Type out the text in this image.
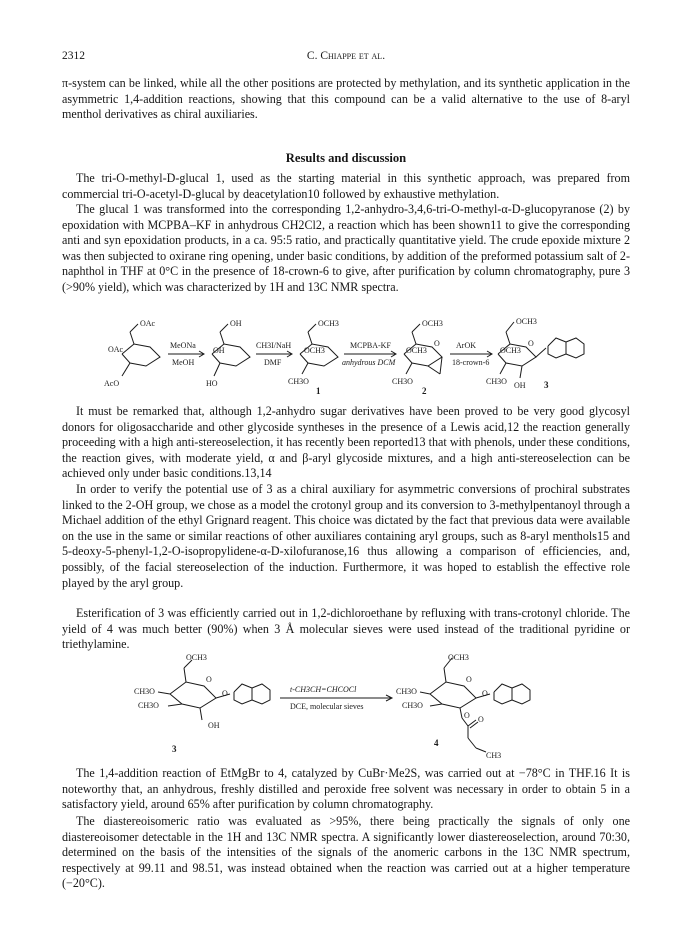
2312	C. Chiappe et al.

π-system can be linked, while all the other positions are protected by methylation, and its synthetic application in the asymmetric 1,4-addition reactions, showing that this compound can be a valid alternative to the use of 8-aryl menthol derivatives as chiral auxiliaries.

Results and discussion

The tri-O-methyl-D-glucal 1, used as the starting material in this synthetic approach, was prepared from commercial tri-O-acetyl-D-glucal by deacetylation10 followed by exhaustive methylation.

The glucal 1 was transformed into the corresponding 1,2-anhydro-3,4,6-tri-O-methyl-α-D-glucopyranose (2) by epoxidation with MCPBA–KF in anhydrous CH2Cl2, a reaction which has been shown11 to give the corresponding anti and syn epoxidation products, in a ca. 95:5 ratio, and practically quantitative yield. The crude epoxide mixture 2 was then subjected to oxirane ring opening, under basic conditions, by addition of the preformed potassium salt of 2-naphthol in THF at 0°C in the presence of 18-crown-6 to give, after purification by column chromatography, pure 3 (>90% yield), which was characterized by 1H and 13C NMR spectra.

OAc
OAc
AcO
MeONa
MeOH
OH
OH
HO
CH3I/NaH
DMF
OCH3
OCH3
CH3O
1
MCPBA-KF
anhydrous DCM
OCH3
OCH3
CH3O
O
2
ArOK
18-crown-6
OCH3
OCH3
CH3O
O
OH 3

It must be remarked that, although 1,2-anhydro sugar derivatives have been proved to be very good glycosyl donors for oligosaccharide and other glycoside syntheses in the presence of a Lewis acid,12 the reaction generally proceeding with a high anti-stereoselection, it has recently been reported13 that with phenols, under these conditions, the reaction gives, with moderate yield, α and β-aryl glycoside mixtures, and a high anti-stereoselection can be achieved only under basic conditions.13,14

In order to verify the potential use of 3 as a chiral auxiliary for asymmetric conversions of prochiral substrates linked to the 2-OH group, we chose as a model the crotonyl group and its conversion to 3-methylpentanoyl through a Michael addition of the ethyl Grignard reagent. This choice was dictated by the fact that previous data were available on the use in the same or similar reactions of other auxiliares containing aryl groups, such as 8-aryl menthols15 and 5-deoxy-5-phenyl-1,2-O-isopropylidene-α-D-xilofuranose,16 thus allowing a comparison of efficiencies, and, possibly, of the facial stereoselection of the induction. Furthermore, it was hoped to establish the effective role played by the aryl group.

Esterification of 3 was efficiently carried out in 1,2-dichloroethane by refluxing with trans-crotonyl chloride. The yield of 4 was much better (90%) when 3 Å molecular sieves were used instead of the traditional pyridine or triethylamine.

OCH3
CH3O
CH3O
O
O
OH
3
t-CH3CH=CHCOCl
DCE, molecular sieves
OCH3
CH3O
CH3O
O
O
O O
CH3
4

The 1,4-addition reaction of EtMgBr to 4, catalyzed by CuBr·Me2S, was carried out at −78°C in THF.16 It is noteworthy that, an anhydrous, freshly distilled and peroxide free solvent was necessary in order to obtain 5 in a satisfactory yield, around 65% after purification by column chromatography.

The diastereoisomeric ratio was evaluated as >95%, there being practically the signals of only one diastereoisomer detectable in the 1H and 13C NMR spectra. A significantly lower diastereoselection, around 70:30, determined on the basis of the intensities of the signals of the anomeric carbons in the 13C NMR spectrum, respectively at 99.11 and 98.51, was instead obtained when the reaction was carried out at a higher temperature (−20°C).
